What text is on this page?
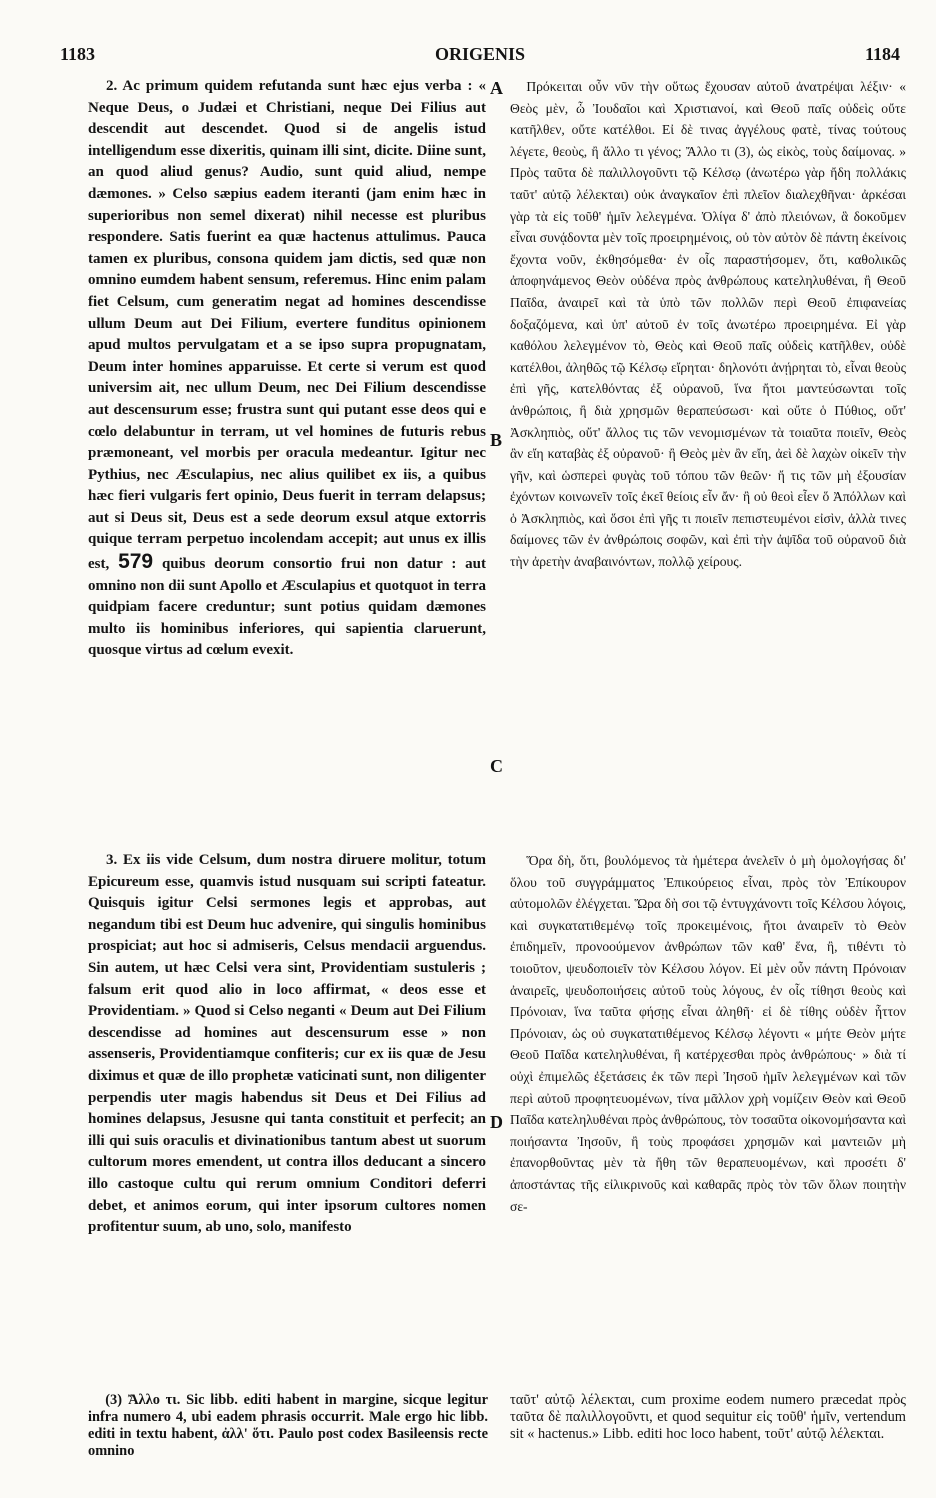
1183	ORIGENIS	1184
A
B
C
D

2. Ac primum quidem refutanda sunt hæc ejus verba : « Neque Deus, o Judæi et Christiani, neque Dei Filius aut descendit aut descendet. Quod si de angelis istud intelligendum esse dixeritis, quinam illi sint, dicite. Diine sunt, an quod aliud genus? Audio, sunt quid aliud, nempe dæmones. » Celso sæpius eadem iteranti (jam enim hæc in superioribus non semel dixerat) nihil necesse est pluribus respondere. Satis fuerint ea quæ hactenus attulimus. Pauca tamen ex pluribus, consona quidem jam dictis, sed quæ non omnino eumdem habent sensum, referemus. Hinc enim palam fiet Celsum, cum generatim negat ad homines descendisse ullum Deum aut Dei Filium, evertere funditus opinionem apud multos pervulgatam et a se ipso supra propugnatam, Deum inter homines apparuisse. Et certe si verum est quod universim ait, nec ullum Deum, nec Dei Filium descendisse aut descensurum esse; frustra sunt qui putant esse deos qui e cœlo delabuntur in terram, ut vel homines de futuris rebus præmoneant, vel morbis per oracula medeantur. Igitur nec Pythius, nec Æsculapius, nec alius quilibet ex iis, a quibus hæc fieri vulgaris fert opinio, Deus fuerit in terram delapsus; aut si Deus sit, Deus est a sede deorum exsul atque extorris quique terram perpetuo incolendam accepit; aut unus ex illis est, 579 quibus deorum consortio frui non datur : aut omnino non dii sunt Apollo et Æsculapius et quotquot in terra quidpiam facere creduntur; sunt potius quidam dæmones multo iis hominibus inferiores, qui sapientia claruerunt, quosque virtus ad cœlum evexit.

Πρόκειται οὖν νῦν τὴν οὕτως ἔχουσαν αὐτοῦ ἀνατρέψαι λέξιν· « Θεὸς μὲν, ὦ Ἰουδαῖοι καὶ Χριστιανοί, καὶ Θεοῦ παῖς οὐδεὶς οὔτε κατῆλθεν, οὔτε κατέλθοι. Εἰ δὲ τινας ἀγγέλους φατὲ, τίνας τούτους λέγετε, θεοὺς, ἢ ἄλλο τι γένος; Ἄλλο τι (3), ὡς εἰκὸς, τοὺς δαίμονας. » Πρὸς ταῦτα δὲ παλιλλογοῦντι τῷ Κέλσῳ (ἀνωτέρω γὰρ ἤδη πολλάκις ταῦτ' αὐτῷ λέλεκται) οὐκ ἀναγκαῖον ἐπὶ πλεῖον διαλεχθῆναι· ἀρκέσαι γὰρ τὰ εἰς τοῦθ' ἡμῖν λελεγμένα. Ὀλίγα δ' ἀπὸ πλειόνων, ἃ δοκοῦμεν εἶναι συνᾴδοντα μὲν τοῖς προειρημένοις, οὐ τὸν αὐτὸν δὲ πάντη ἐκείνοις ἔχοντα νοῦν, ἐκθησόμεθα· ἐν οἷς παραστήσομεν, ὅτι, καθολικῶς ἀποφηνάμενος Θεὸν οὐδένα πρὸς ἀνθρώπους κατεληλυθέναι, ἢ Θεοῦ Παῖδα, ἀναιρεῖ καὶ τὰ ὑπὸ τῶν πολλῶν περὶ Θεοῦ ἐπιφανείας δοξαζόμενα, καὶ ὑπ' αὐτοῦ ἐν τοῖς ἀνωτέρω προειρημένα. Εἰ γὰρ καθόλου λελεγμένον τὸ, Θεὸς καὶ Θεοῦ παῖς οὐδεὶς κατῆλθεν, οὐδὲ κατέλθοι, ἀληθῶς τῷ Κέλσῳ εἴρηται· δηλονότι ἀνῄρηται τὸ, εἶναι θεοὺς ἐπὶ γῆς, κατελθόντας ἐξ οὐρανοῦ, ἵνα ἤτοι μαντεύσωνται τοῖς ἀνθρώποις, ἢ διὰ χρησμῶν θεραπεύσωσι· καὶ οὔτε ὁ Πύθιος, οὔτ' Ἀσκληπιὸς, οὔτ' ἄλλος τις τῶν νενομισμένων τὰ τοιαῦτα ποιεῖν, Θεὸς ἂν εἴη καταβὰς ἐξ οὐρανοῦ· ἢ Θεὸς μὲν ἂν εἴη, ἀεὶ δὲ λαχὼν οἰκεῖν τὴν γῆν, καὶ ὡσπερεὶ φυγὰς τοῦ τόπου τῶν θεῶν· ἤ τις τῶν μὴ ἐξουσίαν ἐχόντων κοινωνεῖν τοῖς ἐκεῖ θείοις εἶν ἄν· ἢ οὐ θεοὶ εἶεν ὅ Ἀπόλλων καὶ ὁ Ἀσκληπιὸς, καὶ ὅσοι ἐπὶ γῆς τι ποιεῖν πεπιστευμένοι εἰσὶν, ἀλλὰ τινες δαίμονες τῶν ἐν ἀνθρώποις σοφῶν, καὶ ἐπὶ τὴν ἀψῖδα τοῦ οὐρανοῦ διὰ τὴν ἀρετὴν ἀναβαινόντων, πολλῷ χείρους.

3. Ex iis vide Celsum, dum nostra diruere molitur, totum Epicureum esse, quamvis istud nusquam sui scripti fateatur. Quisquis igitur Celsi sermones legis et approbas, aut negandum tibi est Deum huc advenire, qui singulis hominibus prospiciat; aut hoc si admiseris, Celsus mendacii arguendus. Sin autem, ut hæc Celsi vera sint, Providentiam sustuleris ; falsum erit quod alio in loco affirmat, « deos esse et Providentiam. » Quod si Celso neganti « Deum aut Dei Filium descendisse ad homines aut descensurum esse » non assenseris, Providentiamque confiteris; cur ex iis quæ de Jesu diximus et quæ de illo prophetæ vaticinati sunt, non diligenter perpendis uter magis habendus sit Deus et Dei Filius ad homines delapsus, Jesusne qui tanta constituit et perfecit; an illi qui suis oraculis et divinationibus tantum abest ut suorum cultorum mores emendent, ut contra illos deducant a sincero illo castoque cultu qui rerum omnium Conditori deferri debet, et animos eorum, qui inter ipsorum cultores nomen profitentur suum, ab uno, solo, manifesto

Ὅρα δὴ, ὅτι, βουλόμενος τὰ ἡμέτερα ἀνελεῖν ὁ μὴ ὁμολογήσας δι' ὅλου τοῦ συγγράμματος Ἐπικούρειος εἶναι, πρὸς τὸν Ἐπίκουρον αὐτομολῶν ἐλέγχεται. Ὥρα δὴ σοι τῷ ἐντυγχάνοντι τοῖς Κέλσου λόγοις, καὶ συγκατατιθεμένῳ τοῖς προκειμένοις, ἤτοι ἀναιρεῖν τὸ Θεὸν ἐπιδημεῖν, προνοούμενον ἀνθρώπων τῶν καθ' ἕνα, ἢ, τιθέντι τὸ τοιοῦτον, ψευδοποιεῖν τὸν Κέλσου λόγον. Εἰ μὲν οὖν πάντη Πρόνοιαν ἀναιρεῖς, ψευδοποιήσεις αὐτοῦ τοὺς λόγους, ἐν οἷς τίθησι θεοὺς καὶ Πρόνοιαν, ἵνα ταῦτα φήσῃς εἶναι ἀληθῆ· εἰ δὲ τίθης οὐδὲν ἧττον Πρόνοιαν, ὡς οὐ συγκατατιθέμενος Κέλσῳ λέγοντι « μήτε Θεὸν μήτε Θεοῦ Παῖδα κατεληλυθέναι, ἢ κατέρχεσθαι πρὸς ἀνθρώπους· » διὰ τί οὐχὶ ἐπιμελῶς ἐξετάσεις ἐκ τῶν περὶ Ἰησοῦ ἡμῖν λελεγμένων καὶ τῶν περὶ αὐτοῦ προφητευομένων, τίνα μᾶλλον χρὴ νομίζειν Θεὸν καὶ Θεοῦ Παῖδα κατεληλυθέναι πρὸς ἀνθρώπους, τὸν τοσαῦτα οἰκονομήσαντα καὶ ποιήσαντα Ἰησοῦν, ἢ τοὺς προφάσει χρησμῶν καὶ μαντειῶν μὴ ἐπανορθοῦντας μὲν τὰ ἤθη τῶν θεραπευομένων, καὶ προσέτι δ' ἀποστάντας τῆς εἰλικρινοῦς καὶ καθαρᾶς πρὸς τὸν τῶν ὅλων ποιητὴν σε-

(3) Ἄλλο τι. Sic libb. editi habent in margine, sicque legitur infra numero 4, ubi eadem phrasis occurrit. Male ergo hic libb. editi in textu habent, ἀλλ' ὅτι. Paulo post codex Basileensis recte omnino

ταῦτ' αὐτῷ λέλεκται, cum proxime eodem numero præcedat πρὸς ταῦτα δὲ παλιλλογοῦντι, et quod sequitur εἰς τοῦθ' ἡμῖν, vertendum sit « hactenus.» Libb. editi hoc loco habent, τοῦτ' αὐτῷ λέλεκται.
